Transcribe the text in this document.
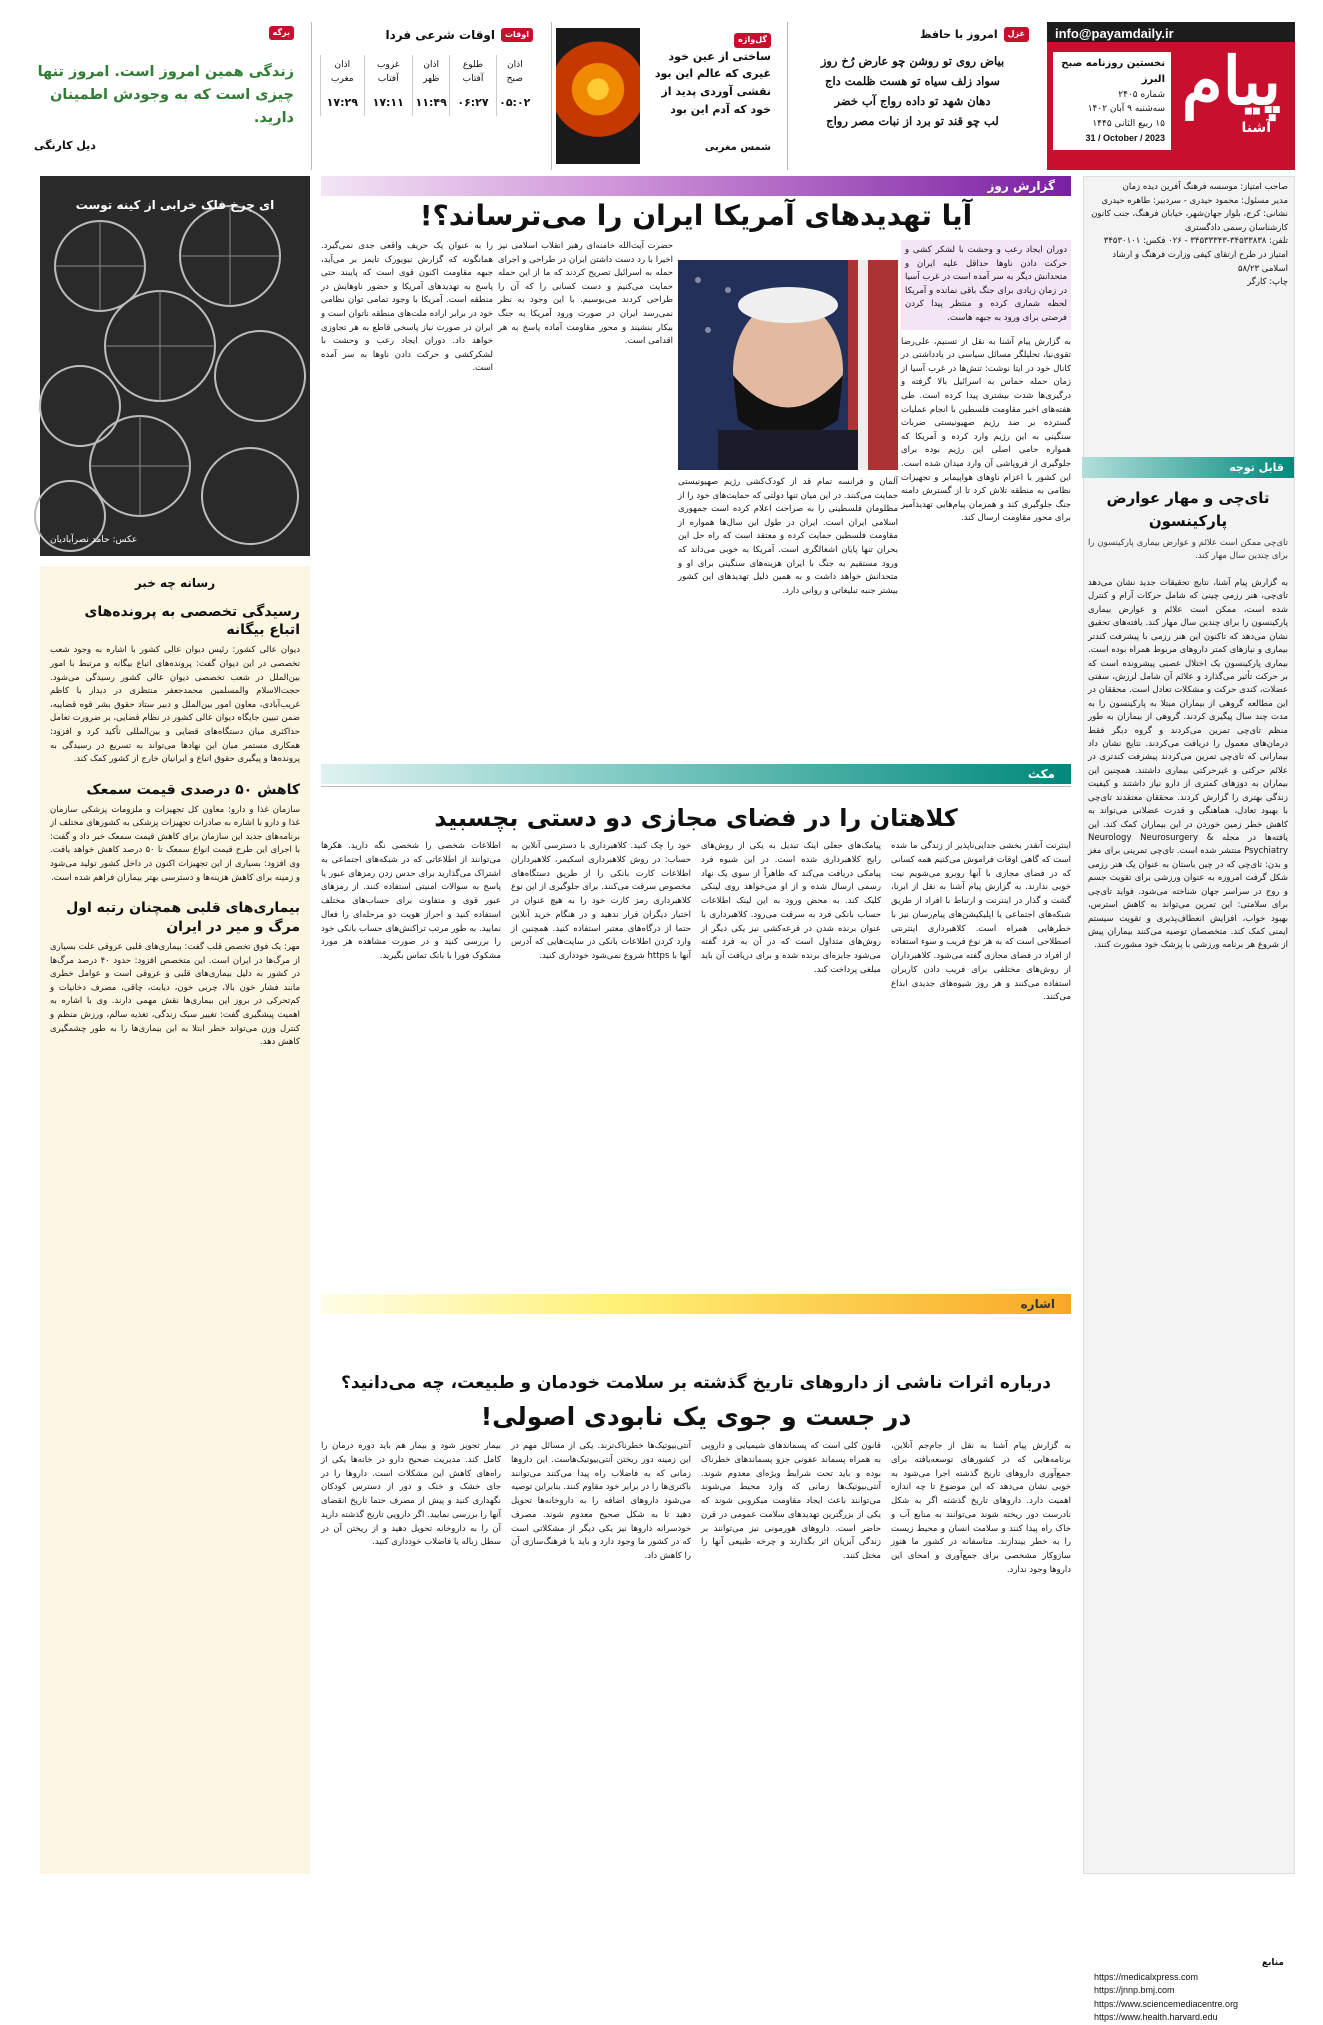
info@payamdaily.ir
پیام
آشنا
نخستین روزنامه صبح البرز
شماره ۲۴۰۵
سه‌شنبه ۹ آبان ۱۴۰۲
۱۵ ربیع الثانی ۱۴۴۵
31 / October / 2023
غزل
امروز با حافظ
بیاض روی تو روشن چو عارض رُخ روز
سواد زلف سیاه تو هست ظلمت داج
دهان شهد تو داده رواج آب خضر
لب چو قند تو برد از نبات مصر رواج
گل‌واژه
ساختی از عین خود غیری که عالم این بود نقشی آوردی پدید از خود که آدم این بود
شمس مغربی
اوقات
اوقات شرعی فردا
اذان صبح	طلوع آفتاب	اذان ظهر	غروب آفتاب	اذان مغرب
۰۵:۰۲	۰۶:۲۷	۱۱:۴۹	۱۷:۱۱	۱۷:۲۹
برگه
زندگی همین امروز است. امروز تنها چیزی است که به وجودش اطمینان دارید.
دیل کارنگی
ای چرخ فلک خرابی از کینه توست
عکس: حامد نصرآبادیان
رسانه چه خبر
رسیدگی تخصصی به پرونده‌های اتباع بیگانه

دیوان عالی کشور: رئیس دیوان عالی کشور با اشاره به وجود شعب تخصصی در این دیوان گفت: پرونده‌های اتباع بیگانه و مرتبط با امور بین‌الملل در شعب تخصصی دیوان عالی کشور رسیدگی می‌شود. حجت‌الاسلام والمسلمین محمدجعفر منتظری در دیدار با کاظم غریب‌آبادی، معاون امور بین‌الملل و دبیر ستاد حقوق بشر قوه قضاییه، ضمن تبیین جایگاه دیوان عالی کشور در نظام قضایی، بر ضرورت تعامل حداکثری میان دستگاه‌های قضایی و بین‌المللی تأکید کرد و افزود: همکاری مستمر میان این نهادها می‌تواند به تسریع در رسیدگی به پرونده‌ها و پیگیری حقوق اتباع و ایرانیان خارج از کشور کمک کند.

کاهش ۵۰ درصدی قیمت سمعک

سازمان غذا و دارو: معاون کل تجهیزات و ملزومات پزشکی سازمان غذا و دارو با اشاره به صادرات تجهیزات پزشکی به کشورهای مختلف از برنامه‌های جدید این سازمان برای کاهش قیمت سمعک خبر داد و گفت: با اجرای این طرح قیمت انواع سمعک تا ۵۰ درصد کاهش خواهد یافت. وی افزود: بسیاری از این تجهیزات اکنون در داخل کشور تولید می‌شود و زمینه برای کاهش هزینه‌ها و دسترسی بهتر بیماران فراهم شده است.

بیماری‌های قلبی همچنان رتبه اول مرگ و میر در ایران

مهر: یک فوق تخصص قلب گفت: بیماری‌های قلبی عروقی علت بسیاری از مرگ‌ها در ایران است. این متخصص افزود: حدود ۴۰ درصد مرگ‌ها در کشور به دلیل بیماری‌های قلبی و عروقی است و عوامل خطری مانند فشار خون بالا، چربی خون، دیابت، چاقی، مصرف دخانیات و کم‌تحرکی در بروز این بیماری‌ها نقش مهمی دارند. وی با اشاره به اهمیت پیشگیری گفت: تغییر سبک زندگی، تغذیه سالم، ورزش منظم و کنترل وزن می‌تواند خطر ابتلا به این بیماری‌ها را به طور چشمگیری کاهش دهد.

گزارش روز
آیا تهدیدهای آمریکا ایران را می‌ترساند؟!
دوران ایجاد رعب و وحشت با لشکر کشی و حرکت دادن ناوها حداقل علیه ایران و متحدانش دیگر به سر آمده است در غرب آسیا در زمان زیادی برای جنگ باقی نمانده و آمریکا لحظه شماری کرده و منتظر پیدا کردن فرصتی برای ورود به جبهه هاست.
به گزارش پیام آشنا به نقل از تسنیم، علی‌رضا تقوی‌نیا، تحلیلگر مسائل سیاسی در یادداشتی در کانال خود در ایتا نوشت: تنش‌ها در غرب آسیا از زمان حمله حماس به اسرائیل بالا گرفته و درگیری‌ها شدت بیشتری پیدا کرده است. طی هفته‌های اخیر مقاومت فلسطین با انجام عملیات گسترده بر ضد رژیم صهیونیستی ضربات سنگینی به این رژیم وارد کرده و آمریکا که همواره حامی اصلی این رژیم بوده برای جلوگیری از فروپاشی آن وارد میدان شده است. این کشور با اعزام ناوهای هواپیمابر و تجهیزات نظامی به منطقه تلاش کرد تا از گسترش دامنه جنگ جلوگیری کند و همزمان پیام‌هایی تهدیدآمیز برای محور مقاومت ارسال کند.
آلمان و فرانسه تمام قد از کودک‌کشی رژیم صهیونیستی حمایت می‌کنند. در این میان تنها دولتی که حمایت‌های خود را از مظلومان فلسطینی را به صراحت اعلام کرده است جمهوری اسلامی ایران است. ایران در طول این سال‌ها همواره از مقاومت فلسطین حمایت کرده و معتقد است که راه حل این بحران تنها پایان اشغالگری است. آمریکا به خوبی می‌داند که ورود مستقیم به جنگ با ایران هزینه‌های سنگینی برای او و متحدانش خواهد داشت و به همین دلیل تهدیدهای این کشور بیشتر جنبه تبلیغاتی و روانی دارد.
حضرت آیت‌الله خامنه‌ای رهبر انقلاب اسلامی نیز اخیرا با رد دست داشتن ایران در طراحی و اجرای حمله به اسرائیل تصریح کردند که ما از این حمله حمایت می‌کنیم و دست کسانی را که آن را طراحی کردند می‌بوسیم. با این وجود به نظر نمی‌رسد ایران در صورت ورود آمریکا به جنگ بیکار بنشیند و محور مقاومت آماده پاسخ به هر اقدامی است.
را به عنوان یک حریف واقعی جدی نمی‌گیرد. همانگونه که گزارش نیویورک تایمز بر می‌آید، جبهه مقاومت اکنون قوی است که پایبند حتی پاسخ به تهدیدهای آمریکا و حضور ناوهایش در منطقه است. آمریکا با وجود تمامی توان نظامی خود در برابر اراده ملت‌های منطقه ناتوان است و ایران در صورت نیاز پاسخی قاطع به هر تجاوزی خواهد داد. دوران ایجاد رعب و وحشت با لشکرکشی و حرکت دادن ناوها به سر آمده است.
مکث
کلاهتان را در فضای مجازی دو دستی بچسبید
اینترنت آنقدر بخشی جدایی‌ناپذیر از زندگی ما شده است که گاهی اوقات فراموش می‌کنیم همه کسانی که در فضای مجازی با آنها روبرو می‌شویم نیت خوبی ندارند. به گزارش پیام آشنا به نقل از ایرنا، گشت و گذار در اینترنت و ارتباط با افراد از طریق شبکه‌های اجتماعی یا اپلیکیشن‌های پیام‌رسان نیز با خطرهایی همراه است. کلاهبرداری اینترنتی اصطلاحی است که به هر نوع فریب و سوء استفاده از افراد در فضای مجازی گفته می‌شود. کلاهبرداران از روش‌های مختلفی برای فریب دادن کاربران استفاده می‌کنند و هر روز شیوه‌های جدیدی ابداع می‌کنند.
پیامک‌های جعلی اینک تبدیل به یکی از روش‌های رایج کلاهبرداری شده است. در این شیوه فرد پیامکی دریافت می‌کند که ظاهراً از سوی یک نهاد رسمی ارسال شده و از او می‌خواهد روی لینکی کلیک کند. به محض ورود به این لینک اطلاعات حساب بانکی فرد به سرقت می‌رود. کلاهبرداری با عنوان برنده شدن در قرعه‌کشی نیز یکی دیگر از روش‌های متداول است که در آن به فرد گفته می‌شود جایزه‌ای برنده شده و برای دریافت آن باید مبلغی پرداخت کند.
خود را چک کنید. کلاهبرداری با دسترسی آنلاین به حساب: در روش کلاهبرداری اسکیمر، کلاهبرداران اطلاعات کارت بانکی را از طریق دستگاه‌های مخصوص سرقت می‌کنند. برای جلوگیری از این نوع کلاهبرداری رمز کارت خود را به هیچ عنوان در اختیار دیگران قرار ندهید و در هنگام خرید آنلاین حتما از درگاه‌های معتبر استفاده کنید. همچنین از وارد کردن اطلاعات بانکی در سایت‌هایی که آدرس آنها با https شروع نمی‌شود خودداری کنید.
اطلاعات شخصی را شخصی نگه دارید. هکرها می‌توانند از اطلاعاتی که در شبکه‌های اجتماعی به اشتراک می‌گذارید برای حدس زدن رمزهای عبور یا پاسخ به سوالات امنیتی استفاده کنند. از رمزهای عبور قوی و متفاوت برای حساب‌های مختلف استفاده کنید و احراز هویت دو مرحله‌ای را فعال نمایید. به طور مرتب تراکنش‌های حساب بانکی خود را بررسی کنید و در صورت مشاهده هر مورد مشکوک فورا با بانک تماس بگیرید.
اشاره
درباره اثرات ناشی از داروهای تاریخ گذشته بر سلامت خودمان و طبیعت، چه می‌دانید؟
در جست و جوی یک نابودی اصولی!
به گزارش پیام آشنا به نقل از جام‌جم آنلاین، برنامه‌هایی که در کشورهای توسعه‌یافته برای جمع‌آوری داروهای تاریخ گذشته اجرا می‌شود به خوبی نشان می‌دهد که این موضوع تا چه اندازه اهمیت دارد. داروهای تاریخ گذشته اگر به شکل نادرست دور ریخته شوند می‌توانند به منابع آب و خاک راه پیدا کنند و سلامت انسان و محیط زیست را به خطر بیندازند. متاسفانه در کشور ما هنوز سازوکار مشخصی برای جمع‌آوری و امحای این داروها وجود ندارد.
قانون کلی است که پسماندهای شیمیایی و دارویی به همراه پسماند عفونی جزو پسماندهای خطرناک بوده و باید تحت شرایط ویژه‌ای معدوم شوند. آنتی‌بیوتیک‌ها زمانی که وارد محیط می‌شوند می‌توانند باعث ایجاد مقاومت میکروبی شوند که یکی از بزرگترین تهدیدهای سلامت عمومی در قرن حاضر است. داروهای هورمونی نیز می‌توانند بر زندگی آبزیان اثر بگذارند و چرخه طبیعی آنها را مختل کنند.
آنتی‌بیوتیک‌ها خطرناک‌ترند. یکی از مسائل مهم در این زمینه دور ریختن آنتی‌بیوتیک‌هاست. این داروها زمانی که به فاضلاب راه پیدا می‌کنند می‌توانند باکتری‌ها را در برابر خود مقاوم کنند. بنابراین توصیه می‌شود داروهای اضافه را به داروخانه‌ها تحویل دهید تا به شکل صحیح معدوم شوند. مصرف خودسرانه داروها نیز یکی دیگر از مشکلاتی است که در کشور ما وجود دارد و باید با فرهنگ‌سازی آن را کاهش داد.
بیمار تجویز شود و بیمار هم باید دوره درمان را کامل کند. مدیریت صحیح دارو در خانه‌ها یکی از راه‌های کاهش این مشکلات است. داروها را در جای خشک و خنک و دور از دسترس کودکان نگهداری کنید و پیش از مصرف حتما تاریخ انقضای آنها را بررسی نمایید. اگر دارویی تاریخ گذشته دارید آن را به داروخانه تحویل دهید و از ریختن آن در سطل زباله یا فاضلاب خودداری کنید.
صاحب امتیاز: موسسه فرهنگ آفرین دیده زمان
مدیر مسئول: محمود حیدری - سردبیر: طاهره حیدری
نشانی: کرج، بلوار جهان‌شهر، خیابان فرهنگ، جنب کانون کارشناسان رسمی دادگستری
تلفن: ۳۴۵۳۳۸۳۸-۳۴۵۳۳۳۴۳ - ۰۲۶ فکس: ۳۴۵۳۰۱۰۱
امتیاز در طرح ارتقای کیفی وزارت فرهنگ و ارشاد اسلامی ۵۸/۲۳
چاپ: کارگر
قابل توجه
تای‌چی و مهار عوارض پارکینسون
تای‌چی ممکن است علائم و عوارض بیماری پارکینسون را برای چندین سال مهار کند.
به گزارش پیام آشنا، نتایج تحقیقات جدید نشان می‌دهد تای‌چی، هنر رزمی چینی که شامل حرکات آرام و کنترل شده است، ممکن است علائم و عوارض بیماری پارکینسون را برای چندین سال مهار کند. یافته‌های تحقیق نشان می‌دهد که تاکنون این هنر رزمی با پیشرفت کندتر بیماری و نیازهای کمتر داروهای مربوط همراه بوده است. بیماری پارکینسون یک اختلال عصبی پیشرونده است که بر حرکت تأثیر می‌گذارد و علائم آن شامل لرزش، سفتی عضلات، کندی حرکت و مشکلات تعادل است. محققان در این مطالعه گروهی از بیماران مبتلا به پارکینسون را به مدت چند سال پیگیری کردند. گروهی از بیماران به طور منظم تای‌چی تمرین می‌کردند و گروه دیگر فقط درمان‌های معمول را دریافت می‌کردند. نتایج نشان داد بیمارانی که تای‌چی تمرین می‌کردند پیشرفت کندتری در علائم حرکتی و غیرحرکتی بیماری داشتند. همچنین این بیماران به دوزهای کمتری از دارو نیاز داشتند و کیفیت زندگی بهتری را گزارش کردند. محققان معتقدند تای‌چی با بهبود تعادل، هماهنگی و قدرت عضلانی می‌تواند به کاهش خطر زمین خوردن در این بیماران کمک کند. این یافته‌ها در مجله Neurology Neurosurgery & Psychiatry منتشر شده است. تای‌چی تمرینی برای مغز و بدن: تای‌چی که در چین باستان به عنوان یک هنر رزمی شکل گرفت امروزه به عنوان ورزشی برای تقویت جسم و روح در سراسر جهان شناخته می‌شود. فواید تای‌چی برای سلامتی: این تمرین می‌تواند به کاهش استرس، بهبود خواب، افزایش انعطاف‌پذیری و تقویت سیستم ایمنی کمک کند. متخصصان توصیه می‌کنند بیماران پیش از شروع هر برنامه ورزشی با پزشک خود مشورت کنند.
منابع
https://medicalxpress.com
https://jnnp.bmj.com
https://www.sciencemediacentre.org
https://www.health.harvard.edu
